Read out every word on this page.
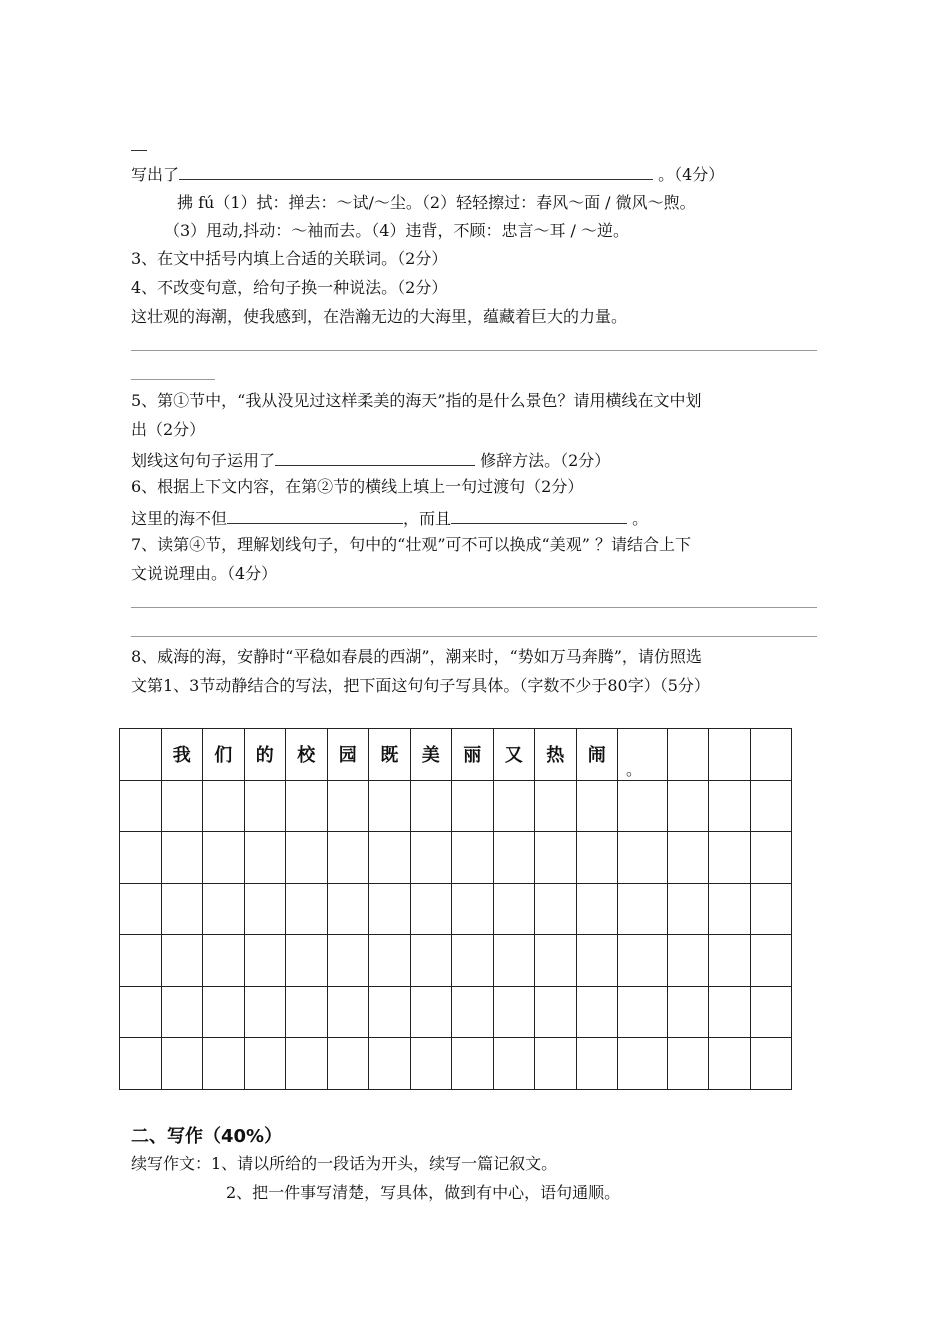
写出了	。（4分）
拂 fú（1）拭：掸去：～试/～尘。（2）轻轻擦过：春风～面 / 微风～煦。
（3）甩动,抖动：～袖而去。（4）违背，不顾：忠言～耳 / ～逆。
3、在文中括号内填上合适的关联词。（2分）
4、不改变句意，给句子换一种说法。（2分）
这壮观的海潮，使我感到，在浩瀚无边的大海里，蕴藏着巨大的力量。
5、第①节中，“我从没见过这样柔美的海天”指的是什么景色？请用横线在文中划
出（2分）
划线这句句子运用了	修辞方法。（2分）
6、根据上下文内容，在第②节的横线上填上一句过渡句（2分）
这里的海不但	，而且	。
7、读第④节，理解划线句子，句中的“壮观”可不可以换成“美观” ？请结合上下
文说说理由。（4分）
8、威海的海，安静时“平稳如春晨的西湖”，潮来时，“势如万马奔腾”，请仿照选
文第1、3节动静结合的写法，把下面这句句子写具体。（字数不少于80字）（5分）
	我	们	的	校	园	既	美	丽	又	热	闹	。			

二、写作（40%）
续写作文：1、请以所给的一段话为开头，续写一篇记叙文。
2、把一件事写清楚，写具体，做到有中心，语句通顺。
